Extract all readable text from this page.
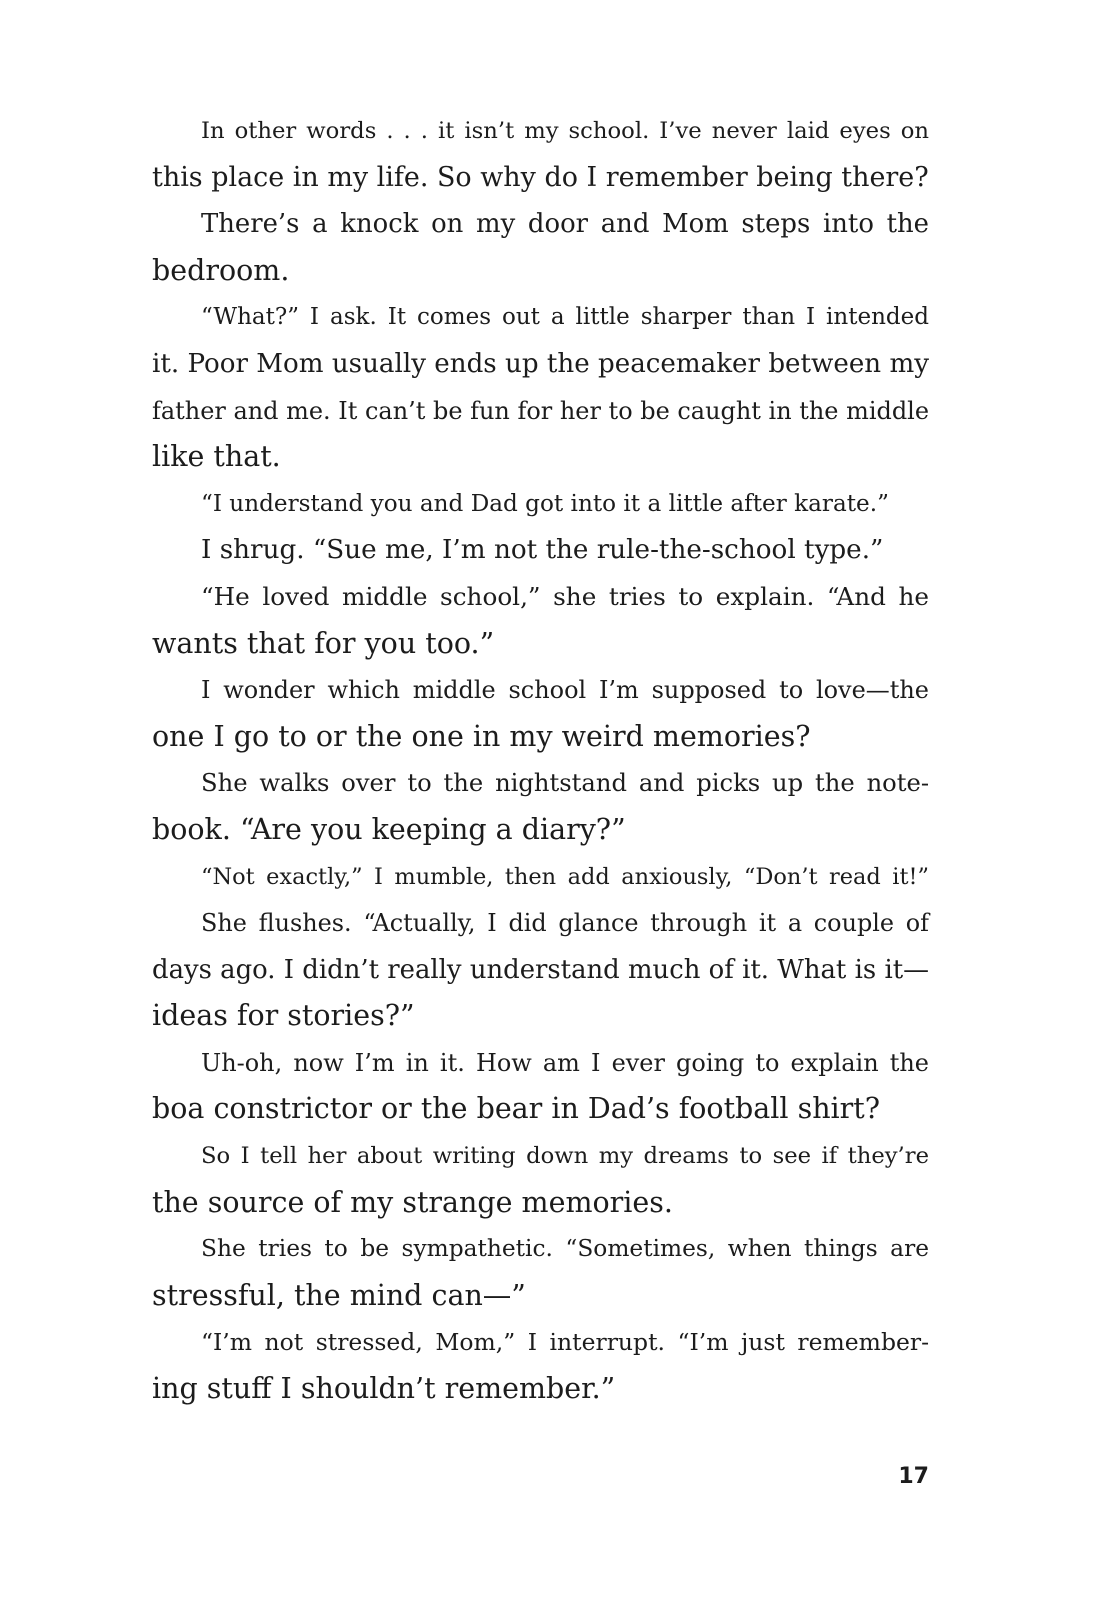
In other words . . . it isn’t my school. I’ve never laid eyes on
this place in my life. So why do I remember being there?

There’s a knock on my door and Mom steps into the
bedroom.

“What?” I ask. It comes out a little sharper than I intended
it. Poor Mom usually ends up the peacemaker between my
father and me. It can’t be fun for her to be caught in the middle
like that.

“I understand you and Dad got into it a little after karate.”

I shrug. “Sue me, I’m not the rule-the-school type.”

“He loved middle school,” she tries to explain. “And he
wants that for you too.”

I wonder which middle school I’m supposed to love—the
one I go to or the one in my weird memories?

She walks over to the nightstand and picks up the note-
book. “Are you keeping a diary?”

“Not exactly,” I mumble, then add anxiously, “Don’t read it!”

She flushes. “Actually, I did glance through it a couple of
days ago. I didn’t really understand much of it. What is it—
ideas for stories?”

Uh-oh, now I’m in it. How am I ever going to explain the
boa constrictor or the bear in Dad’s football shirt?

So I tell her about writing down my dreams to see if they’re
the source of my strange memories.

She tries to be sympathetic. “Sometimes, when things are
stressful, the mind can—”

“I’m not stressed, Mom,” I interrupt. “I’m just remember-
ing stuff I shouldn’t remember.”

17
